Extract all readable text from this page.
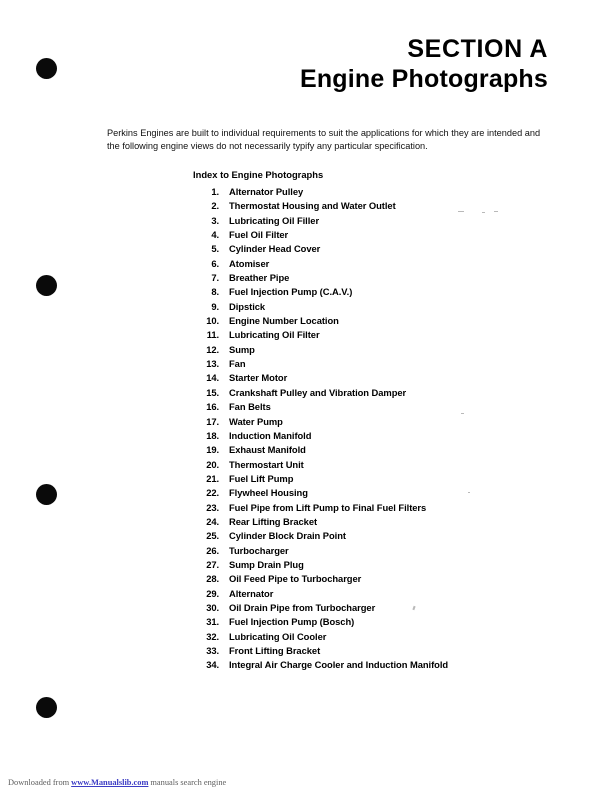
SECTION A
Engine Photographs
Perkins Engines are built to individual requirements to suit the applications for which they are intended and the following engine views do not necessarily typify any particular specification.
Index to Engine Photographs
1. Alternator Pulley
2. Thermostat Housing and Water Outlet
3. Lubricating Oil Filler
4. Fuel Oil Filter
5. Cylinder Head Cover
6. Atomiser
7. Breather Pipe
8. Fuel Injection Pump (C.A.V.)
9. Dipstick
10. Engine Number Location
11. Lubricating Oil Filter
12. Sump
13. Fan
14. Starter Motor
15. Crankshaft Pulley and Vibration Damper
16. Fan Belts
17. Water Pump
18. Induction Manifold
19. Exhaust Manifold
20. Thermostart Unit
21. Fuel Lift Pump
22. Flywheel Housing
23. Fuel Pipe from Lift Pump to Final Fuel Filters
24. Rear Lifting Bracket
25. Cylinder Block Drain Point
26. Turbocharger
27. Sump Drain Plug
28. Oil Feed Pipe to Turbocharger
29. Alternator
30. Oil Drain Pipe from Turbocharger
31. Fuel Injection Pump (Bosch)
32. Lubricating Oil Cooler
33. Front Lifting Bracket
34. Integral Air Charge Cooler and Induction Manifold
Downloaded from www.Manualslib.com manuals search engine
